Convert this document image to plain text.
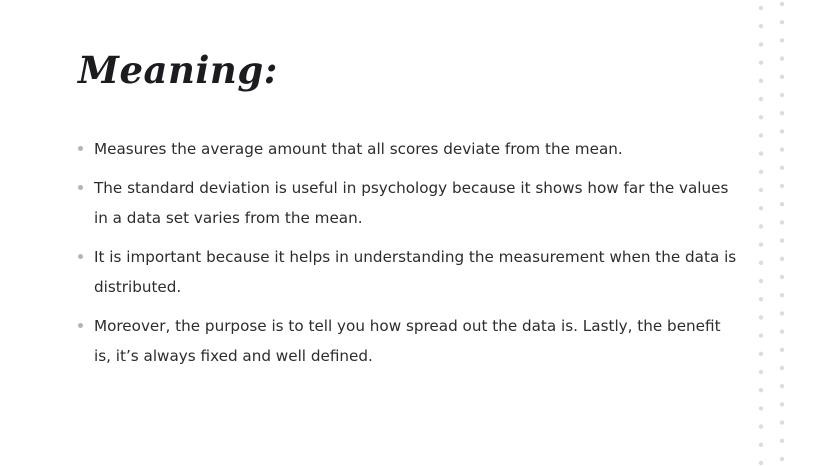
Meaning:
Measures the average amount that all scores deviate from the mean.
The standard deviation is useful in psychology because it shows how far the values in a data set varies from the mean.
It is important because it helps in understanding the measurement when the data is distributed.
Moreover, the purpose is to tell you how spread out the data is. Lastly, the benefit is, it’s always fixed and well defined.
